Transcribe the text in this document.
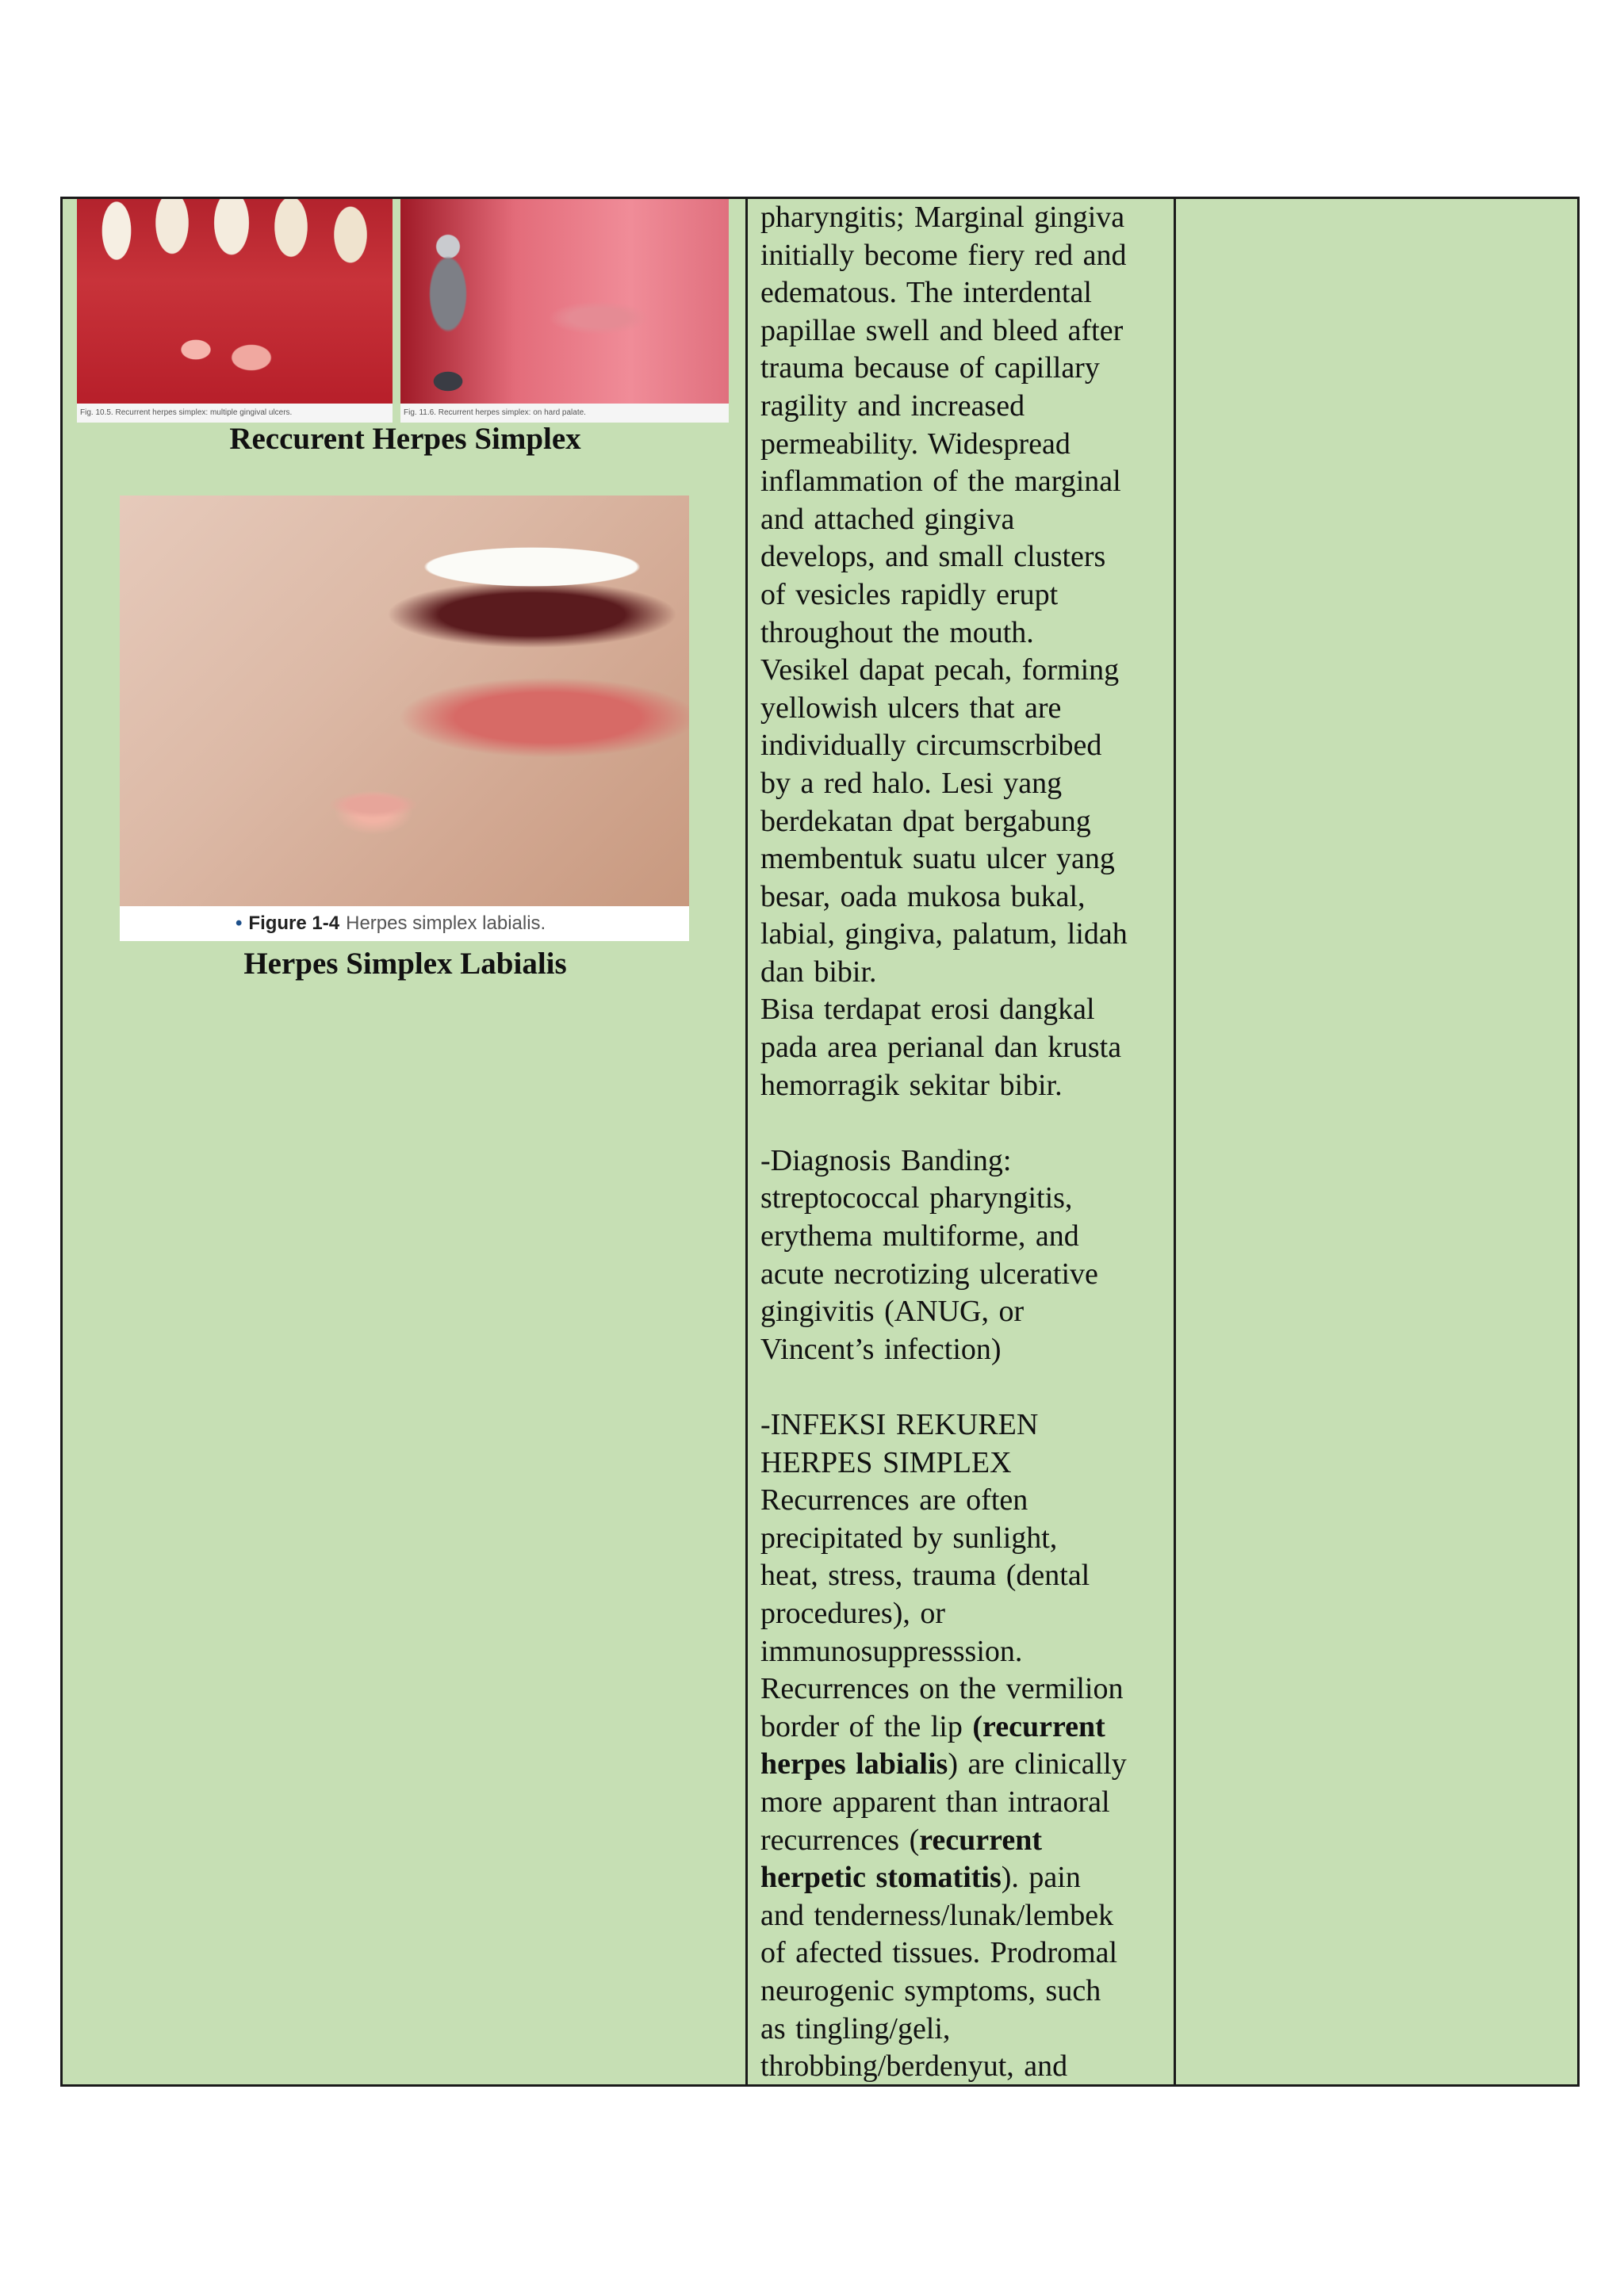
Fig. 10.5. Recurrent herpes simplex: multiple gingival ulcers.	Fig. 11.6. Recurrent herpes simplex: on hard palate.
Reccurent Herpes Simplex
• Figure 1-4 Herpes simplex labialis.
Herpes Simplex Labialis

pharyngitis; Marginal gingiva

initially become fiery red and

edematous. The interdental

papillae swell and bleed after

trauma because of capillary

ragility and increased

permeability. Widespread

inflammation of the marginal

and attached gingiva

develops, and small clusters

of vesicles rapidly erupt

throughout the mouth.

Vesikel dapat pecah, forming

yellowish ulcers that are

individually circumscrbibed

by a red halo. Lesi yang

berdekatan dpat bergabung

membentuk suatu ulcer yang

besar, oada mukosa bukal,

labial, gingiva, palatum, lidah

dan bibir.

Bisa terdapat erosi dangkal

pada area perianal dan krusta

hemorragik sekitar bibir.

-Diagnosis Banding:

streptococcal pharyngitis,

erythema multiforme, and

acute necrotizing ulcerative

gingivitis (ANUG, or

Vincent’s infection)

-INFEKSI REKUREN

HERPES SIMPLEX

Recurrences are often

precipitated by sunlight,

heat, stress, trauma (dental

procedures), or

immunosuppresssion.

Recurrences on the vermilion

border of the lip (recurrent

herpes labialis) are clinically

more apparent than intraoral

recurrences (recurrent

herpetic stomatitis). pain

and tenderness/lunak/lembek

of afected tissues. Prodromal

neurogenic symptoms, such

as tingling/geli,

throbbing/berdenyut, and
